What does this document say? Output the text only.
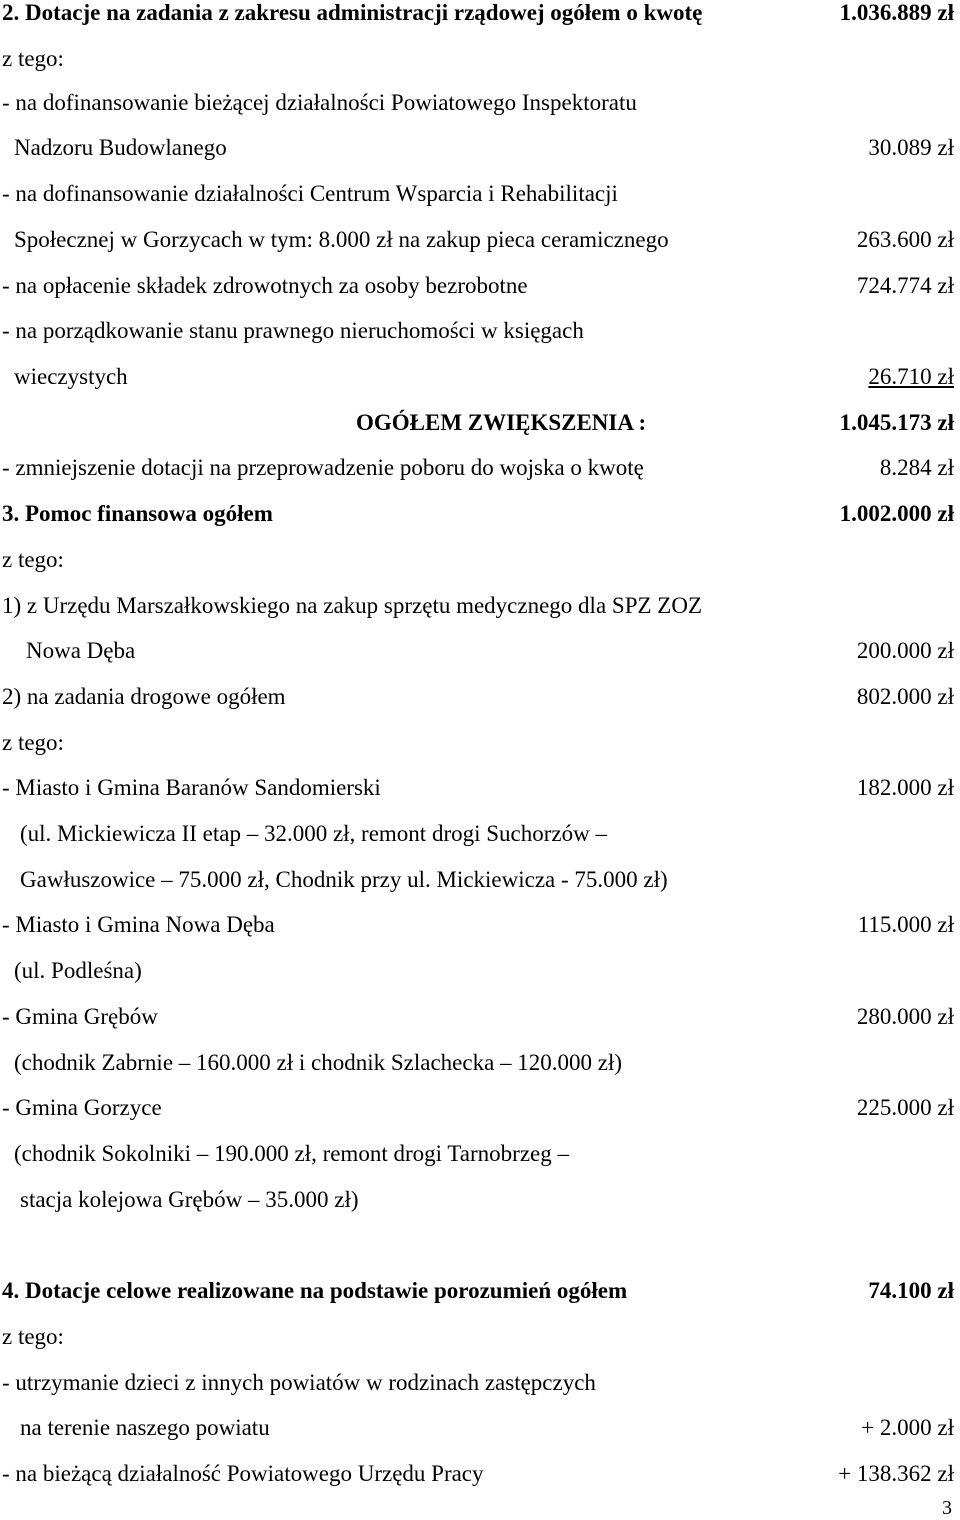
2. Dotacje na zadania z zakresu administracji rządowej ogółem o kwotę	1.036.889 zł
z tego:
- na dofinansowanie bieżącej działalności Powiatowego Inspektoratu
Nadzoru Budowlanego	30.089 zł
- na dofinansowanie działalności Centrum Wsparcia i Rehabilitacji
Społecznej w Gorzycach w tym: 8.000 zł na zakup pieca ceramicznego	263.600 zł
- na opłacenie składek zdrowotnych za osoby bezrobotne	724.774 zł
- na porządkowanie stanu prawnego nieruchomości w księgach
wieczystych	26.710 zł
OGÓŁEM ZWIĘKSZENIA :	1.045.173 zł
- zmniejszenie dotacji na przeprowadzenie poboru do wojska o kwotę	8.284 zł
3. Pomoc finansowa ogółem	1.002.000 zł
z tego:
1) z Urzędu Marszałkowskiego na zakup sprzętu medycznego dla SPZ ZOZ
Nowa Dęba	200.000 zł
2) na zadania drogowe ogółem	802.000 zł
z tego:
- Miasto i Gmina Baranów Sandomierski	182.000 zł
(ul. Mickiewicza II etap – 32.000 zł, remont drogi Suchorzów –
Gawłuszowice – 75.000 zł, Chodnik przy ul. Mickiewicza - 75.000 zł)
- Miasto i Gmina Nowa Dęba	115.000 zł
(ul. Podleśna)
- Gmina Grębów	280.000 zł
(chodnik Zabrnie – 160.000 zł i chodnik Szlachecka – 120.000 zł)
- Gmina Gorzyce	225.000 zł
(chodnik Sokolniki – 190.000 zł, remont drogi Tarnobrzeg –
stacja kolejowa Grębów – 35.000 zł)
4. Dotacje celowe realizowane na podstawie porozumień ogółem	74.100 zł
z tego:
- utrzymanie dzieci z innych powiatów w rodzinach zastępczych
na terenie naszego powiatu	+ 2.000 zł
- na bieżącą działalność Powiatowego Urzędu Pracy	+ 138.362 zł
3
